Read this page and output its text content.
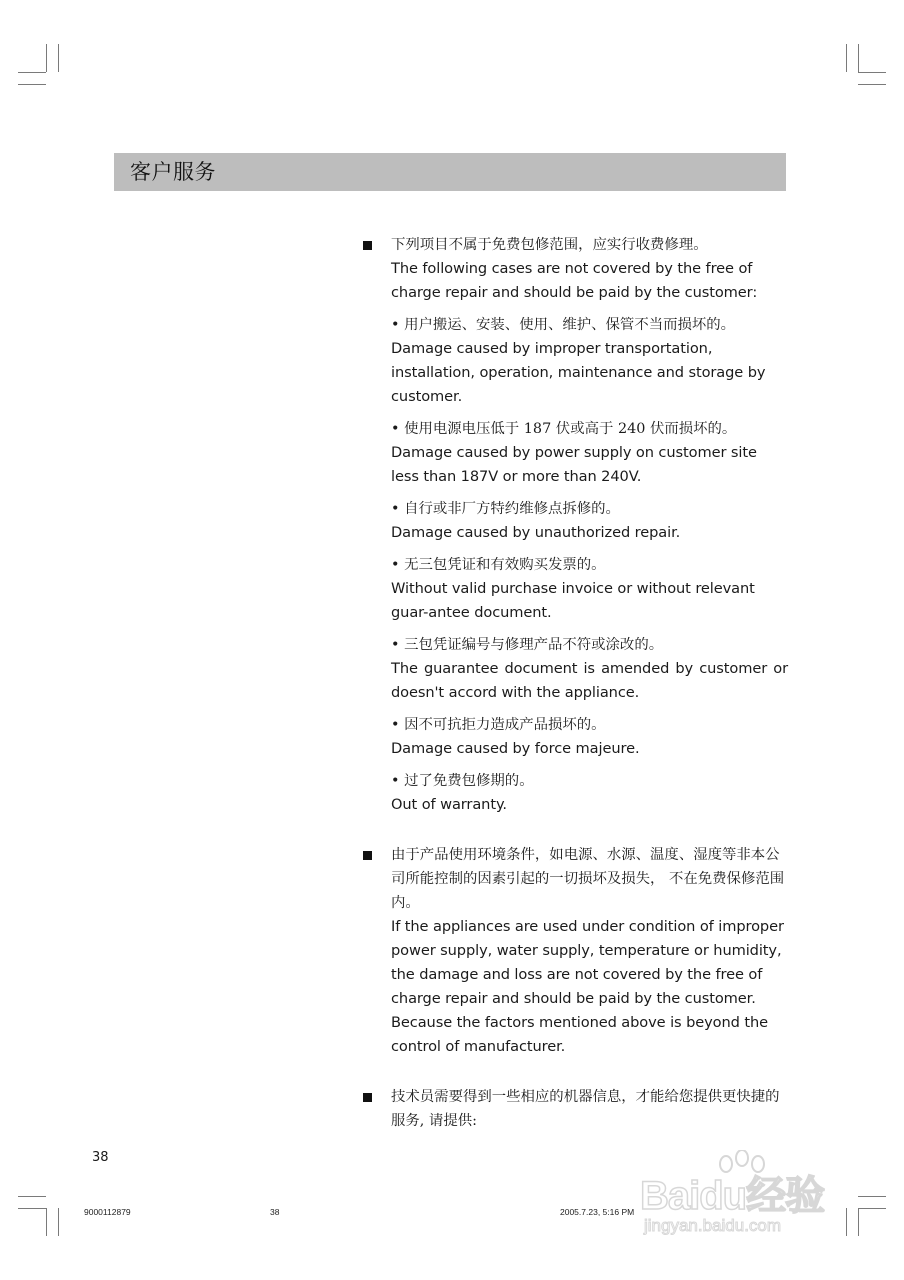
客户服务
下列项目不属于免费包修范围，应实行收费修理。
The following cases are not covered by the free of charge repair and should be paid by the customer:
• 用户搬运、安装、使用、维护、保管不当而损坏的。
Damage caused by improper transportation, installation, operation, maintenance and storage by customer.
• 使用电源电压低于 187 伏或高于 240 伏而损坏的。
Damage caused by power supply on customer site less than 187V or more than 240V.
• 自行或非厂方特约维修点拆修的。
Damage caused by unauthorized repair.
• 无三包凭证和有效购买发票的。
Without valid purchase invoice or without relevant guar-antee document.
• 三包凭证编号与修理产品不符或涂改的。
The guarantee document is amended by customer or doesn't accord with the appliance.
• 因不可抗拒力造成产品损坏的。
Damage caused by force majeure.
• 过了免费包修期的。
Out of warranty.
由于产品使用环境条件，如电源、水源、温度、湿度等非本公司所能控制的因素引起的一切损坏及损失， 不在免费保修范围内。
If the appliances are used under condition of improper power supply, water supply, temperature or humidity, the damage and loss are not covered by the free of charge repair and should be paid by the customer. Because the factors mentioned above is beyond the control of manufacturer.
技术员需要得到一些相应的机器信息，才能给您提供更快捷的服务, 请提供:
38
9000112879	38	2005.7.23, 5:16 PM Baidu经验
jingyan.baidu.com
